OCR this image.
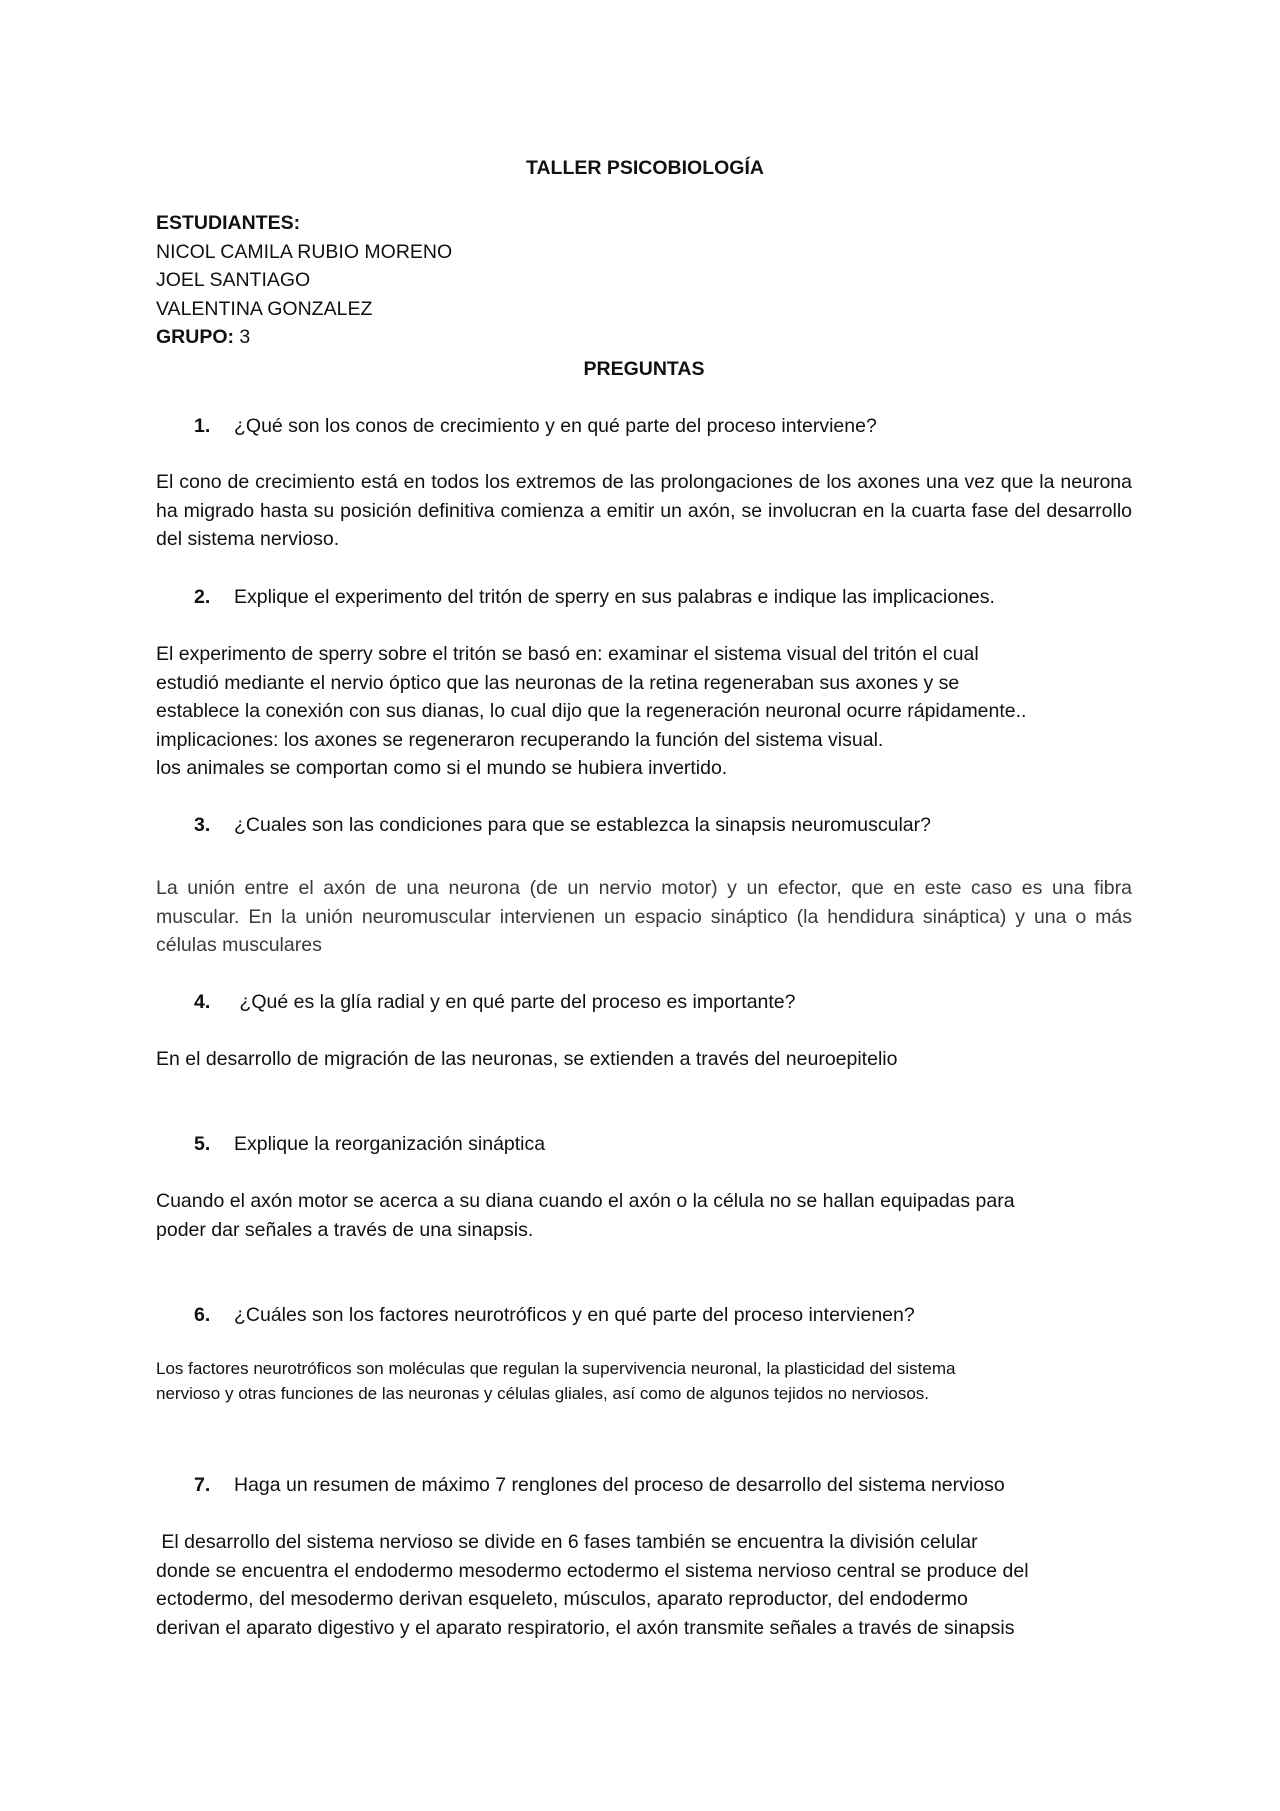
TALLER PSICOBIOLOGÍA
ESTUDIANTES:
NICOL CAMILA RUBIO MORENO
JOEL SANTIAGO
VALENTINA GONZALEZ
GRUPO: 3
PREGUNTAS
1. ¿Qué son los conos de crecimiento y en qué parte del proceso interviene?
El cono de crecimiento está en todos los extremos de las prolongaciones de los axones una vez que la neurona ha migrado hasta su posición definitiva comienza a emitir un axón, se involucran en la cuarta fase del desarrollo del sistema nervioso.
2. Explique el experimento del tritón de sperry en sus palabras e indique las implicaciones.
El experimento de sperry sobre el tritón se basó en: examinar el sistema visual del tritón el cual
estudió mediante el nervio óptico que las neuronas de la retina regeneraban sus axones y se
establece la conexión con sus dianas, lo cual dijo que la regeneración neuronal ocurre rápidamente..
implicaciones: los axones se regeneraron recuperando la función del sistema visual.
los animales se comportan como si el mundo se hubiera invertido.
3. ¿Cuales son las condiciones para que se establezca la sinapsis neuromuscular?
La unión entre el axón de una neurona (de un nervio motor) y un efector, que en este caso es una fibra muscular. En la unión neuromuscular intervienen un espacio sináptico (la hendidura sináptica) y una o más células musculares
4. ¿Qué es la glía radial y en qué parte del proceso es importante?
En el desarrollo de migración de las neuronas, se extienden a través del neuroepitelio
5. Explique la reorganización sináptica
Cuando el axón motor se acerca a su diana cuando el axón o la célula no se hallan equipadas para
poder dar señales a través de una sinapsis.
6. ¿Cuáles son los factores neurotróficos y en qué parte del proceso intervienen?
Los factores neurotróficos son moléculas que regulan la supervivencia neuronal, la plasticidad del sistema
nervioso y otras funciones de las neuronas y células gliales, así como de algunos tejidos no nerviosos.
7. Haga un resumen de máximo 7 renglones del proceso de desarrollo del sistema nervioso
El desarrollo del sistema nervioso se divide en 6 fases también se encuentra la división celular
donde se encuentra el endodermo mesodermo ectodermo el sistema nervioso central se produce del
ectodermo, del mesodermo derivan esqueleto, músculos, aparato reproductor, del endodermo
derivan el aparato digestivo y el aparato respiratorio, el axón transmite señales a través de sinapsis
